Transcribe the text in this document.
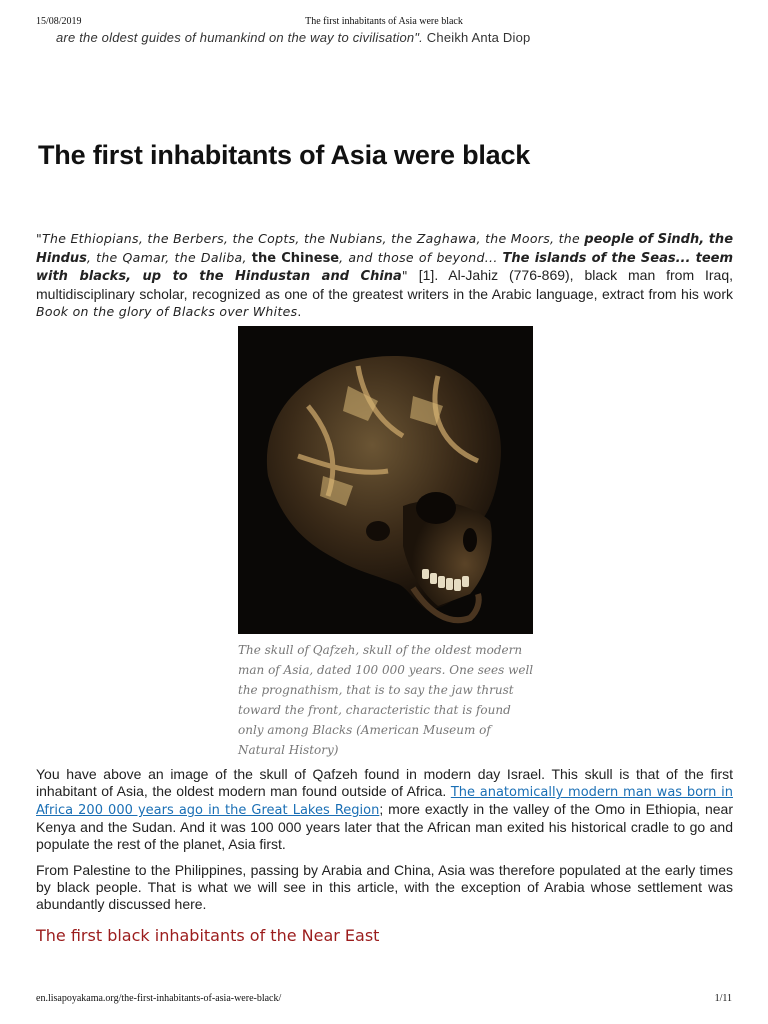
15/08/2019	The first inhabitants of Asia were black
are the oldest guides of humankind on the way to civilisation". Cheikh Anta Diop
The first inhabitants of Asia were black

"The Ethiopians, the Berbers, the Copts, the Nubians, the Zaghawa, the Moors, the people of Sindh, the Hindus, the Qamar, the Daliba, the Chinese, and those of beyond... The islands of the Seas... teem with blacks, up to the Hindustan and China" [1]. Al-Jahiz (776-869), black man from Iraq, multidisciplinary scholar, recognized as one of the greatest writers in the Arabic language, extract from his work Book on the glory of Blacks over Whites.

The skull of Qafzeh, skull of the oldest modern man of Asia, dated 100 000 years. One sees well the prognathism, that is to say the jaw thrust toward the front, characteristic that is found only among Blacks (American Museum of Natural History)

You have above an image of the skull of Qafzeh found in modern day Israel. This skull is that of the first inhabitant of Asia, the oldest modern man found outside of Africa. The anatomically modern man was born in Africa 200 000 years ago in the Great Lakes Region; more exactly in the valley of the Omo in Ethiopia, near Kenya and the Sudan. And it was 100 000 years later that the African man exited his historical cradle to go and populate the rest of the planet, Asia first.

From Palestine to the Philippines, passing by Arabia and China, Asia was therefore populated at the early times by black people. That is what we will see in this article, with the exception of Arabia whose settlement was abundantly discussed here.

The first black inhabitants of the Near East
en.lisapoyakama.org/the-first-inhabitants-of-asia-were-black/	1/11
